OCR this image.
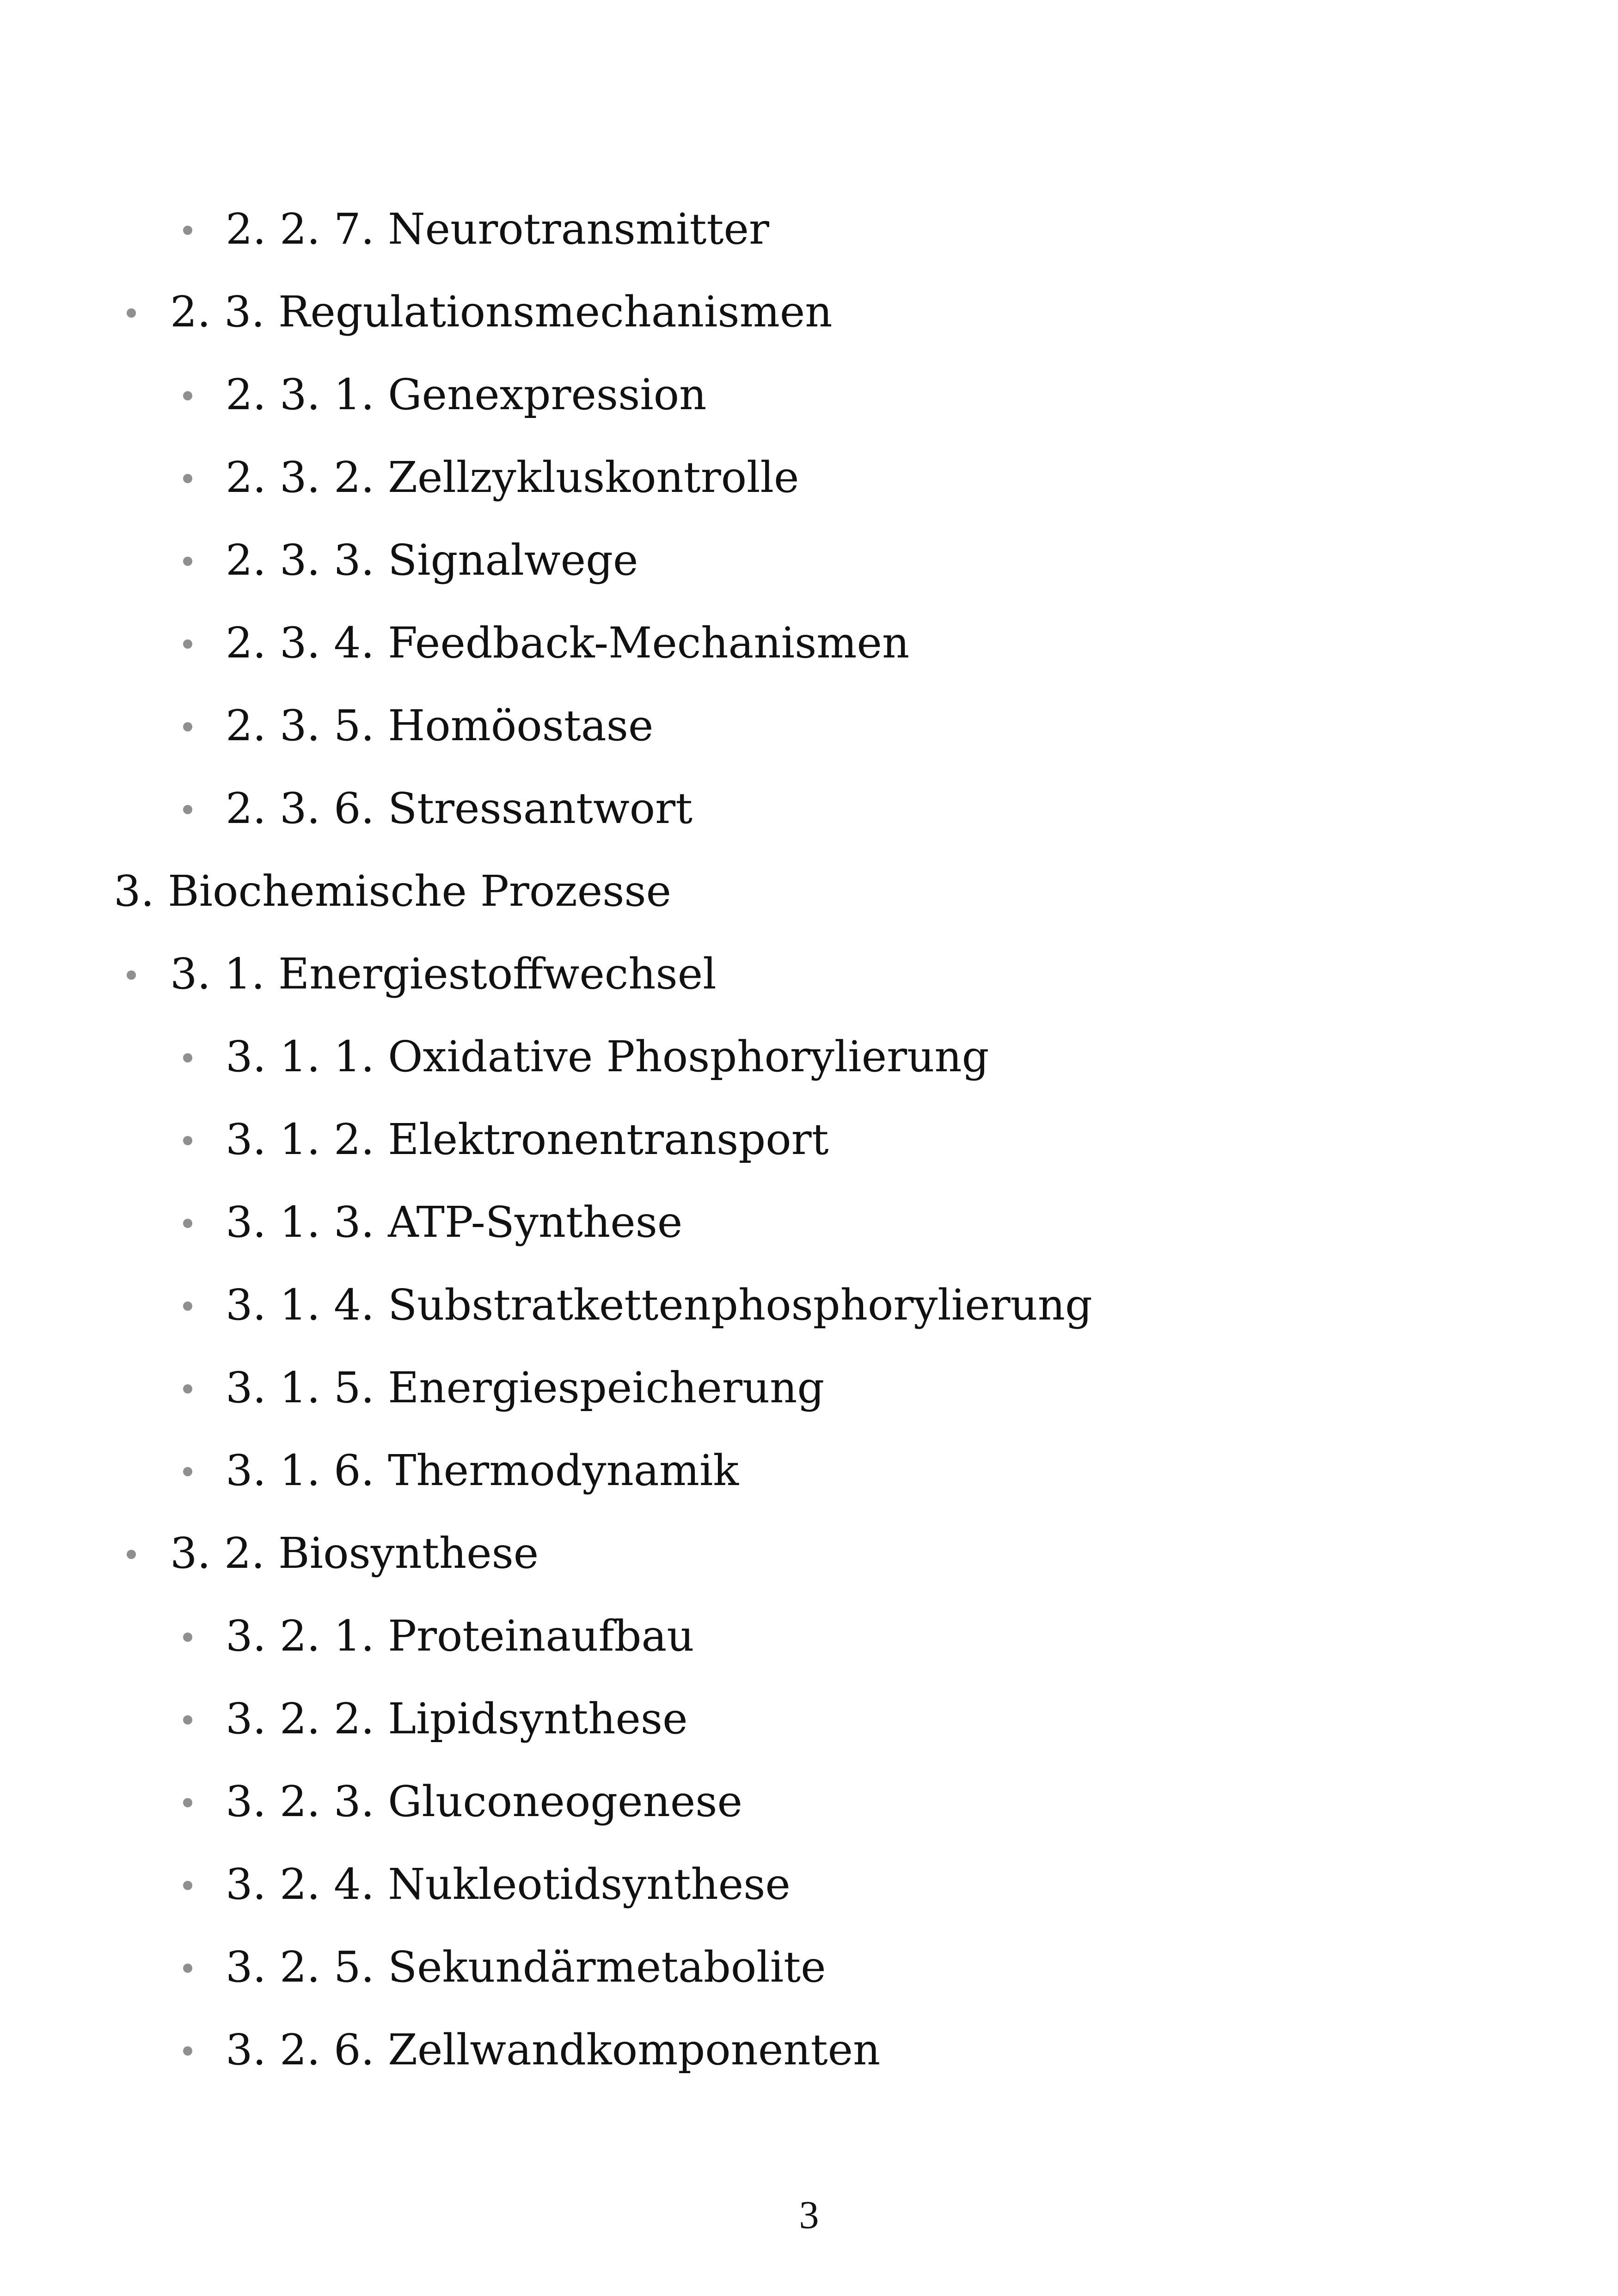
2. 2. 7. Neurotransmitter
2. 3. Regulationsmechanismen
2. 3. 1. Genexpression
2. 3. 2. Zellzykluskontrolle
2. 3. 3. Signalwege
2. 3. 4. Feedback-Mechanismen
2. 3. 5. Homöostase
2. 3. 6. Stressantwort
3. Biochemische Prozesse
3. 1. Energiestoffwechsel
3. 1. 1. Oxidative Phosphorylierung
3. 1. 2. Elektronentransport
3. 1. 3. ATP-Synthese
3. 1. 4. Substratkettenphosphorylierung
3. 1. 5. Energiespeicherung
3. 1. 6. Thermodynamik
3. 2. Biosynthese
3. 2. 1. Proteinaufbau
3. 2. 2. Lipidsynthese
3. 2. 3. Gluconeogenese
3. 2. 4. Nukleotidsynthese
3. 2. 5. Sekundärmetabolite
3. 2. 6. Zellwandkomponenten
3
